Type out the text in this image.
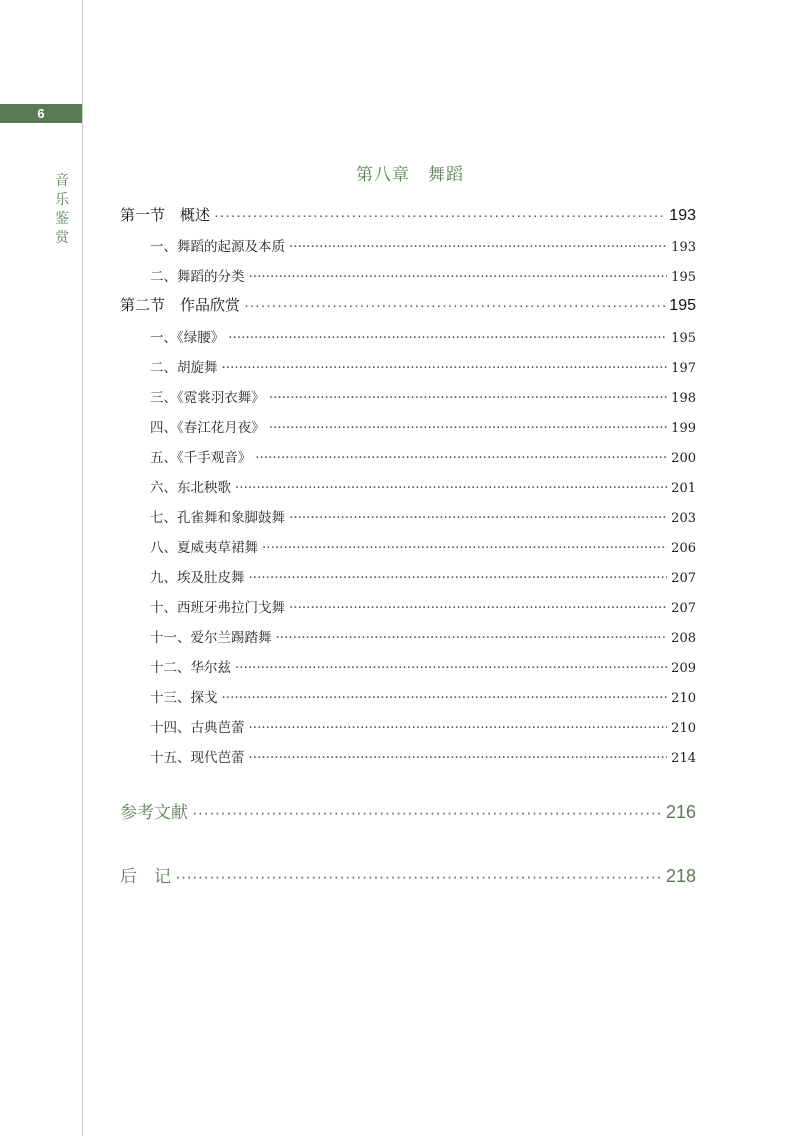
6
音乐鉴赏
第八章　舞蹈
第一节　概述 ·····	193
一、舞蹈的起源及本质 ·····	193
二、舞蹈的分类 ·····	195
第二节　作品欣赏 ·····	195
一、《绿腰》 ·····	195
二、胡旋舞 ·····	197
三、《霓裳羽衣舞》 ·····	198
四、《春江花月夜》 ·····	199
五、《千手观音》 ·····	200
六、东北秧歌 ·····	201
七、孔雀舞和象脚鼓舞 ·····	203
八、夏威夷草裙舞 ·····	206
九、埃及肚皮舞 ·····	207
十、西班牙弗拉门戈舞 ·····	207
十一、爱尔兰踢踏舞 ·····	208
十二、华尔兹 ·····	209
十三、探戈 ·····	210
十四、古典芭蕾 ·····	210
十五、现代芭蕾 ·····	214
参考文献 ·····	216
后　记 ·····	218
